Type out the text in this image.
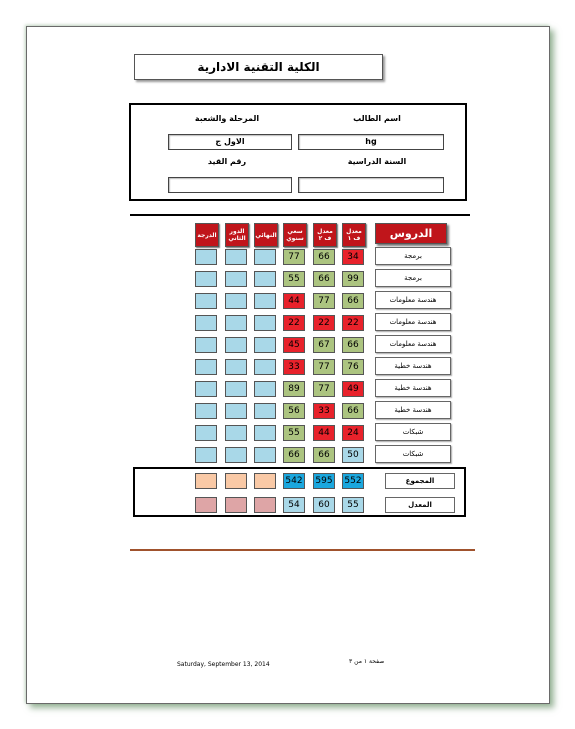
الكلية التقنية الادارية
اسم الطالب
المرحلة والشعبة
hg
الاول ج
السنة الدراسية
رقم القيد
الدروس
معدل ف ١
معدل ف ٢
سعي سنوي
النهائي
الدور الثاني
الدرجة
برمجة
34
66
77
برمجة
99
66
55
هندسة معلومات
66
77
44
هندسة معلومات
22
22
22
هندسة معلومات
66
67
45
هندسة خطية
76
77
33
هندسة خطية
49
77
89
هندسة خطية
66
33
56
شبكات
24
44
55
شبكات
50
66
66
المجموع
552
595
542
المعدل
55
60
54
Saturday, September 13, 2014	صفحة ١ من ٣
